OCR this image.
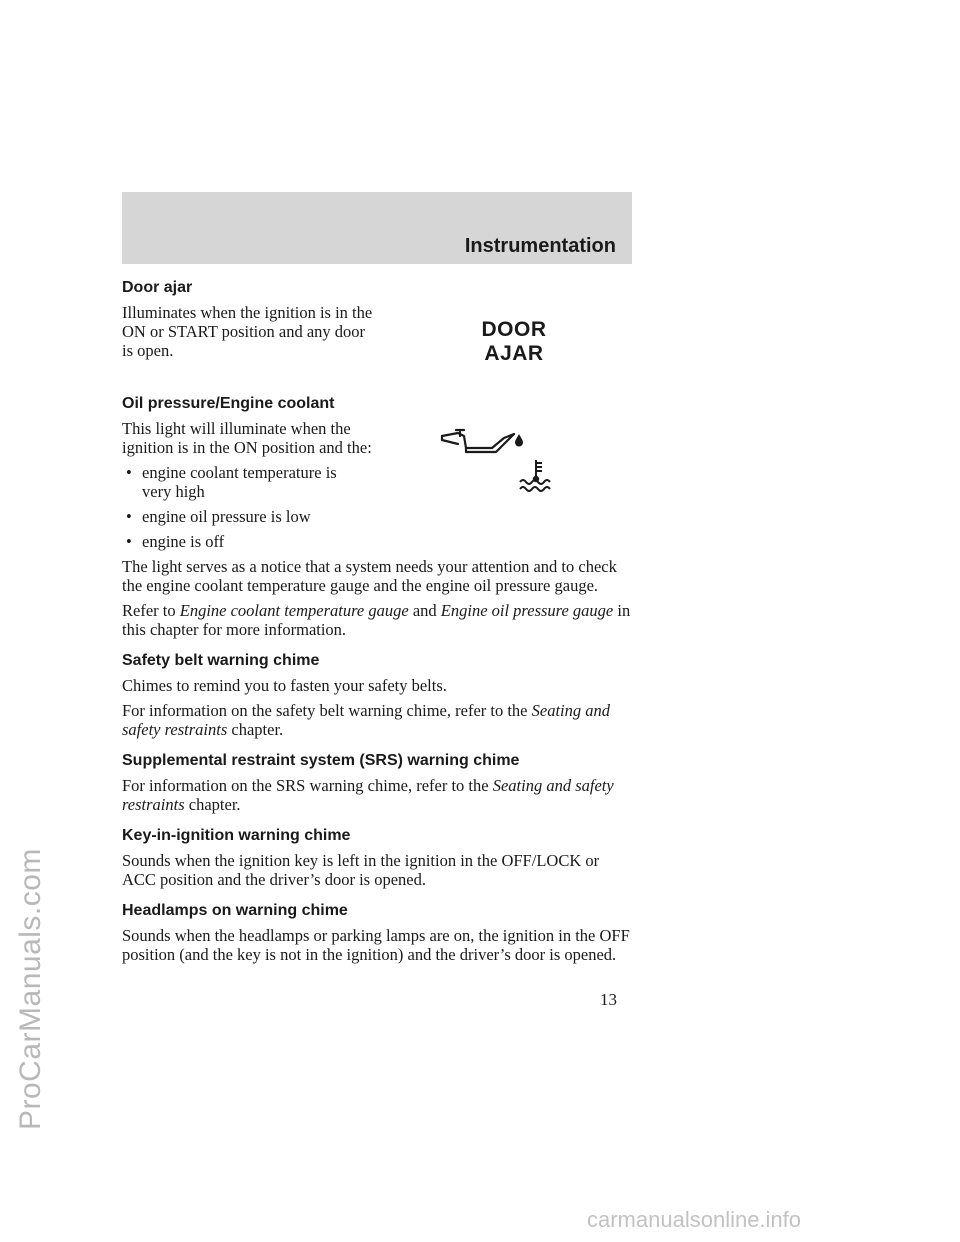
ProCarManuals.com
Instrumentation
DOOR
AJAR
Door ajar

Illuminates when the ignition is in the ON or START position and any door is open.

Oil pressure/Engine coolant

This light will illuminate when the ignition is in the ON position and the:

• engine coolant temperature is very high
• engine oil pressure is low
• engine is off

The light serves as a notice that a system needs your attention and to check the engine coolant temperature gauge and the engine oil pressure gauge.

Refer to Engine coolant temperature gauge and Engine oil pressure gauge in this chapter for more information.

Safety belt warning chime

Chimes to remind you to fasten your safety belts.

For information on the safety belt warning chime, refer to the Seating and safety restraints chapter.

Supplemental restraint system (SRS) warning chime

For information on the SRS warning chime, refer to the Seating and safety restraints chapter.

Key-in-ignition warning chime

Sounds when the ignition key is left in the ignition in the OFF/LOCK or ACC position and the driver’s door is opened.

Headlamps on warning chime

Sounds when the headlamps or parking lamps are on, the ignition in the OFF position (and the key is not in the ignition) and the driver’s door is opened.

13
carmanualsonline.info
